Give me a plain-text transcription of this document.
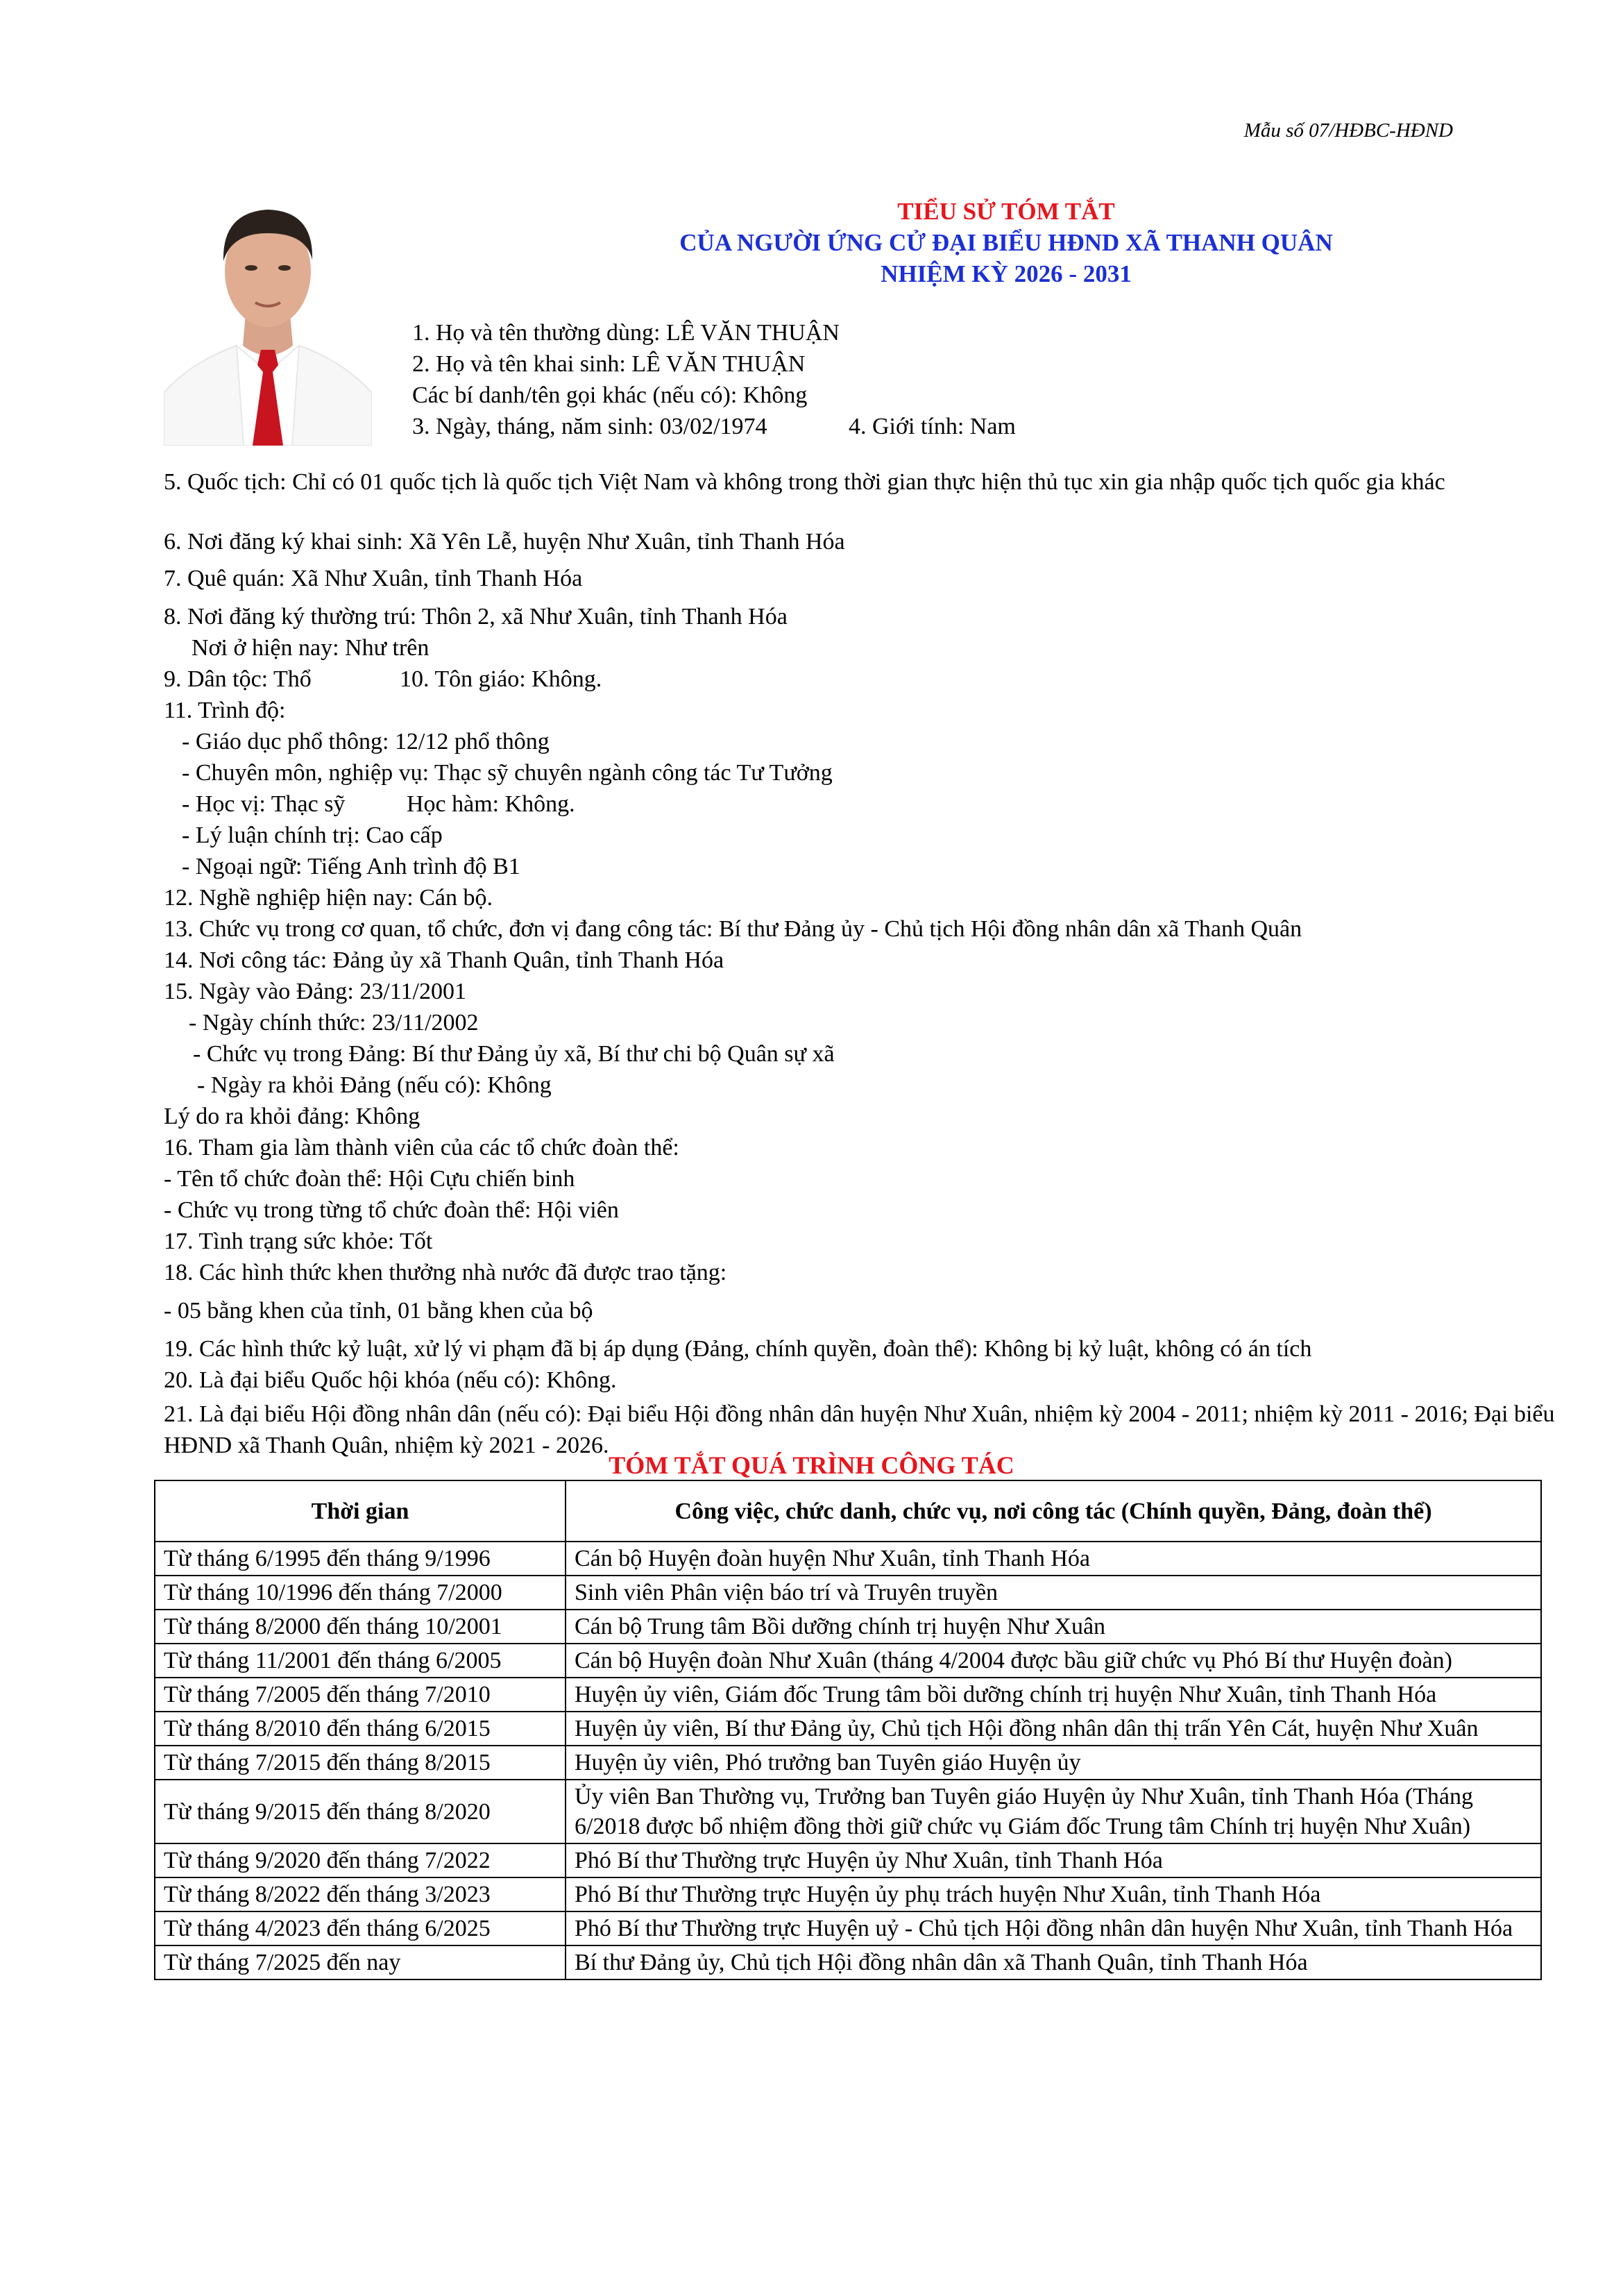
Mẫu số 07/HĐBC-HĐND
TIỂU SỬ TÓM TẮT
CỦA NGƯỜI ỨNG CỬ ĐẠI BIỂU HĐND XÃ THANH QUÂN
NHIỆM KỲ 2026 - 2031
1. Họ và tên thường dùng: LÊ VĂN THUẬN
2. Họ và tên khai sinh: LÊ VĂN THUẬN
Các bí danh/tên gọi khác (nếu có): Không
3. Ngày, tháng, năm sinh: 03/02/1974	4. Giới tính: Nam
5. Quốc tịch: Chỉ có 01 quốc tịch là quốc tịch Việt Nam và không trong thời gian thực hiện thủ tục xin gia nhập quốc tịch quốc gia khác
6. Nơi đăng ký khai sinh: Xã Yên Lễ, huyện Như Xuân, tỉnh Thanh Hóa
7. Quê quán: Xã Như Xuân, tỉnh Thanh Hóa
8. Nơi đăng ký thường trú: Thôn 2, xã Như Xuân, tỉnh Thanh Hóa
Nơi ở hiện nay: Như trên
9. Dân tộc: Thổ	10. Tôn giáo: Không.
11. Trình độ:
- Giáo dục phổ thông: 12/12 phổ thông
- Chuyên môn, nghiệp vụ: Thạc sỹ chuyên ngành công tác Tư Tưởng
- Học vị: Thạc sỹ	Học hàm: Không.
- Lý luận chính trị: Cao cấp
- Ngoại ngữ: Tiếng Anh trình độ B1
12. Nghề nghiệp hiện nay: Cán bộ.
13. Chức vụ trong cơ quan, tổ chức, đơn vị đang công tác: Bí thư Đảng ủy - Chủ tịch Hội đồng nhân dân xã Thanh Quân
14. Nơi công tác: Đảng ủy xã Thanh Quân, tỉnh Thanh Hóa
15. Ngày vào Đảng: 23/11/2001
- Ngày chính thức: 23/11/2002
- Chức vụ trong Đảng: Bí thư Đảng ủy xã, Bí thư chi bộ Quân sự xã
- Ngày ra khỏi Đảng (nếu có): Không
Lý do ra khỏi đảng: Không
16. Tham gia làm thành viên của các tổ chức đoàn thể:
- Tên tổ chức đoàn thể: Hội Cựu chiến binh
- Chức vụ trong từng tổ chức đoàn thể: Hội viên
17. Tình trạng sức khỏe: Tốt
18. Các hình thức khen thưởng nhà nước đã được trao tặng:
- 05 bằng khen của tỉnh, 01 bằng khen của bộ
19. Các hình thức kỷ luật, xử lý vi phạm đã bị áp dụng (Đảng, chính quyền, đoàn thể): Không bị kỷ luật, không có án tích
20. Là đại biểu Quốc hội khóa (nếu có): Không.
21. Là đại biểu Hội đồng nhân dân (nếu có): Đại biểu Hội đồng nhân dân huyện Như Xuân, nhiệm kỳ 2004 - 2011; nhiệm kỳ 2011 - 2016; Đại biểu HĐND xã Thanh Quân, nhiệm kỳ 2021 - 2026.
TÓM TẮT QUÁ TRÌNH CÔNG TÁC
Thời gian	Công việc, chức danh, chức vụ, nơi công tác (Chính quyền, Đảng, đoàn thể)
Từ tháng 6/1995 đến tháng 9/1996	Cán bộ Huyện đoàn huyện Như Xuân, tỉnh Thanh Hóa
Từ tháng 10/1996 đến tháng 7/2000	Sinh viên Phân viện báo trí và Truyên truyền
Từ tháng 8/2000 đến tháng 10/2001	Cán bộ Trung tâm Bồi dưỡng chính trị huyện Như Xuân
Từ tháng 11/2001 đến tháng 6/2005	Cán bộ Huyện đoàn Như Xuân (tháng 4/2004 được bầu giữ chức vụ Phó Bí thư Huyện đoàn)
Từ tháng 7/2005 đến tháng 7/2010	Huyện ủy viên, Giám đốc Trung tâm bồi dưỡng chính trị huyện Như Xuân, tỉnh Thanh Hóa
Từ tháng 8/2010 đến tháng 6/2015	Huyện ủy viên, Bí thư Đảng ủy, Chủ tịch Hội đồng nhân dân thị trấn Yên Cát, huyện Như Xuân
Từ tháng 7/2015 đến tháng 8/2015	Huyện ủy viên, Phó trưởng ban Tuyên giáo Huyện ủy
Từ tháng 9/2015 đến tháng 8/2020	Ủy viên Ban Thường vụ, Trưởng ban Tuyên giáo Huyện ủy Như Xuân, tỉnh Thanh Hóa (Tháng 6/2018 được bổ nhiệm đồng thời giữ chức vụ Giám đốc Trung tâm Chính trị huyện Như Xuân)
Từ tháng 9/2020 đến tháng 7/2022	Phó Bí thư Thường trực Huyện ủy Như Xuân, tỉnh Thanh Hóa
Từ tháng 8/2022 đến tháng 3/2023	Phó Bí thư Thường trực Huyện ủy phụ trách huyện Như Xuân, tỉnh Thanh Hóa
Từ tháng 4/2023 đến tháng 6/2025	Phó Bí thư Thường trực Huyện uỷ - Chủ tịch Hội đồng nhân dân huyện Như Xuân, tỉnh Thanh Hóa
Từ tháng 7/2025 đến nay	Bí thư Đảng ủy, Chủ tịch Hội đồng nhân dân xã Thanh Quân, tỉnh Thanh Hóa
